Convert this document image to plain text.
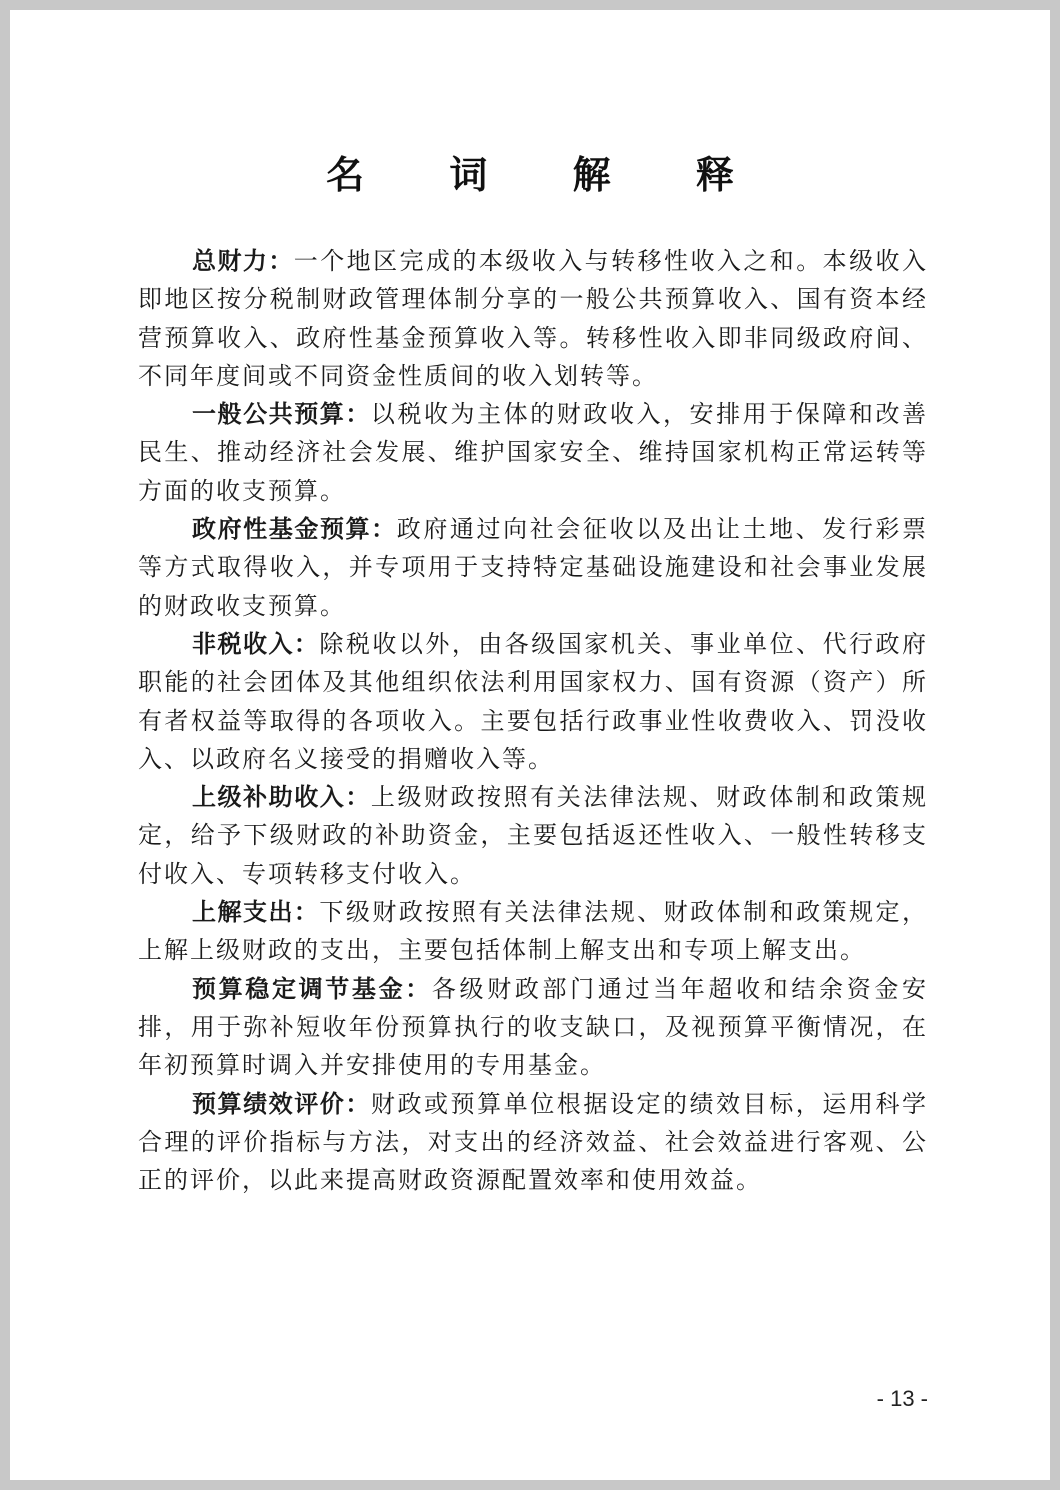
名 词 解 释

总财力：一个地区完成的本级收入与转移性收入之和。本级收入即地区按分税制财政管理体制分享的一般公共预算收入、国有资本经营预算收入、政府性基金预算收入等。转移性收入即非同级政府间、不同年度间或不同资金性质间的收入划转等。

一般公共预算：以税收为主体的财政收入，安排用于保障和改善民生、推动经济社会发展、维护国家安全、维持国家机构正常运转等方面的收支预算。

政府性基金预算：政府通过向社会征收以及出让土地、发行彩票等方式取得收入，并专项用于支持特定基础设施建设和社会事业发展的财政收支预算。

非税收入：除税收以外，由各级国家机关、事业单位、代行政府职能的社会团体及其他组织依法利用国家权力、国有资源（资产）所有者权益等取得的各项收入。主要包括行政事业性收费收入、罚没收入、以政府名义接受的捐赠收入等。

上级补助收入：上级财政按照有关法律法规、财政体制和政策规定，给予下级财政的补助资金，主要包括返还性收入、一般性转移支付收入、专项转移支付收入。

上解支出：下级财政按照有关法律法规、财政体制和政策规定，上解上级财政的支出，主要包括体制上解支出和专项上解支出。

预算稳定调节基金：各级财政部门通过当年超收和结余资金安排，用于弥补短收年份预算执行的收支缺口，及视预算平衡情况，在年初预算时调入并安排使用的专用基金。

预算绩效评价：财政或预算单位根据设定的绩效目标，运用科学合理的评价指标与方法，对支出的经济效益、社会效益进行客观、公正的评价，以此来提高财政资源配置效率和使用效益。

- 13 -
